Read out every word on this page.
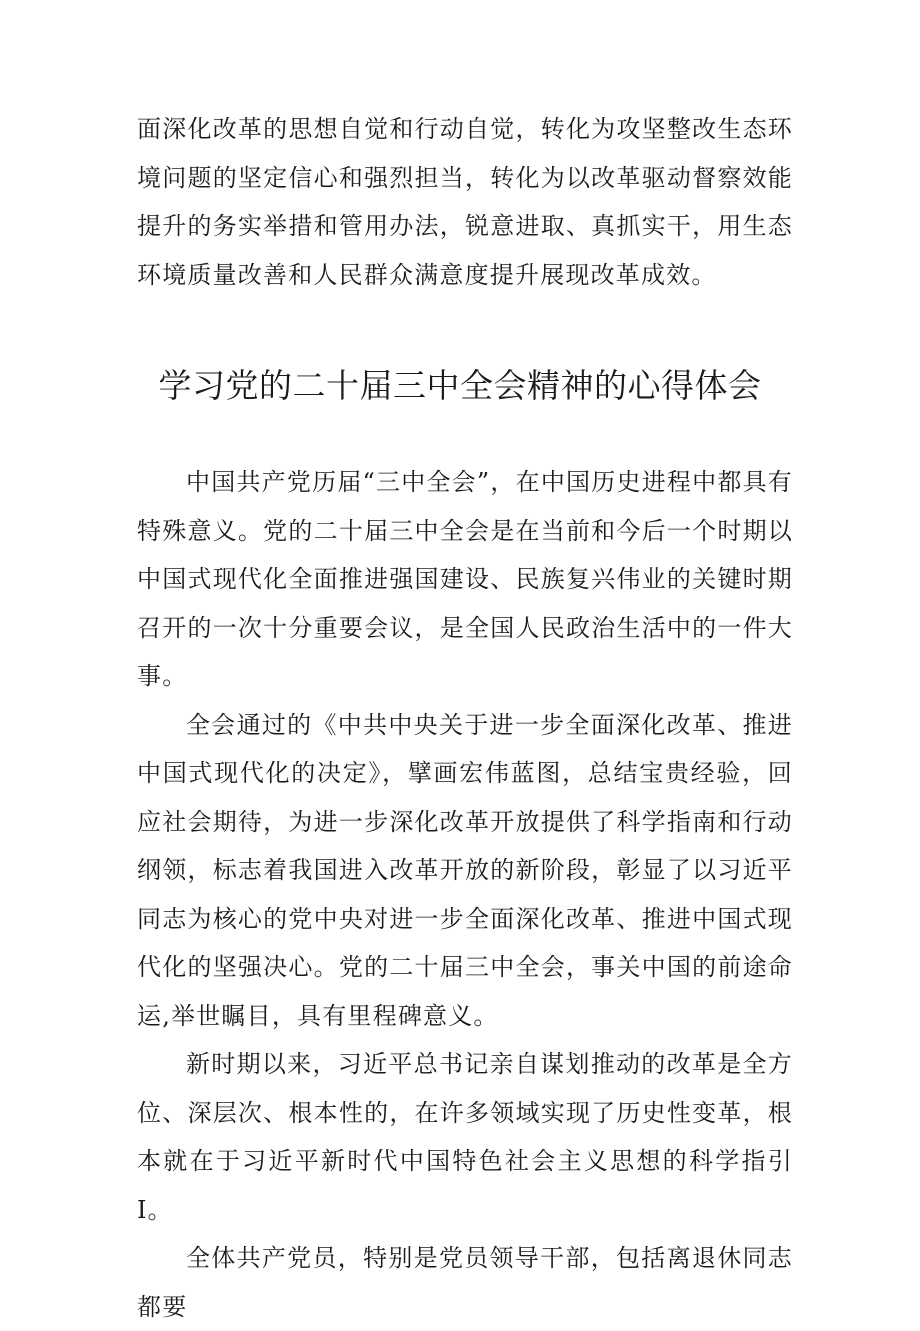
面深化改革的思想自觉和行动自觉，转化为攻坚整改生态环境问题的坚定信心和强烈担当，转化为以改革驱动督察效能提升的务实举措和管用办法，锐意进取、真抓实干，用生态环境质量改善和人民群众满意度提升展现改革成效。

学习党的二十届三中全会精神的心得体会

中国共产党历届“三中全会”，在中国历史进程中都具有特殊意义。党的二十届三中全会是在当前和今后一个时期以中国式现代化全面推进强国建设、民族复兴伟业的关键时期召开的一次十分重要会议，是全国人民政治生活中的一件大事。

全会通过的《中共中央关于进一步全面深化改革、推进中国式现代化的决定》，擘画宏伟蓝图，总结宝贵经验，回应社会期待，为进一步深化改革开放提供了科学指南和行动纲领，标志着我国进入改革开放的新阶段，彰显了以习近平同志为核心的党中央对进一步全面深化改革、推进中国式现代化的坚强决心。党的二十届三中全会，事关中国的前途命运,举世瞩目，具有里程碑意义。

新时期以来，习近平总书记亲自谋划推动的改革是全方位、深层次、根本性的，在许多领域实现了历史性变革，根本就在于习近平新时代中国特色社会主义思想的科学指引I。

全体共产党员，特别是党员领导干部，包括离退休同志都要
